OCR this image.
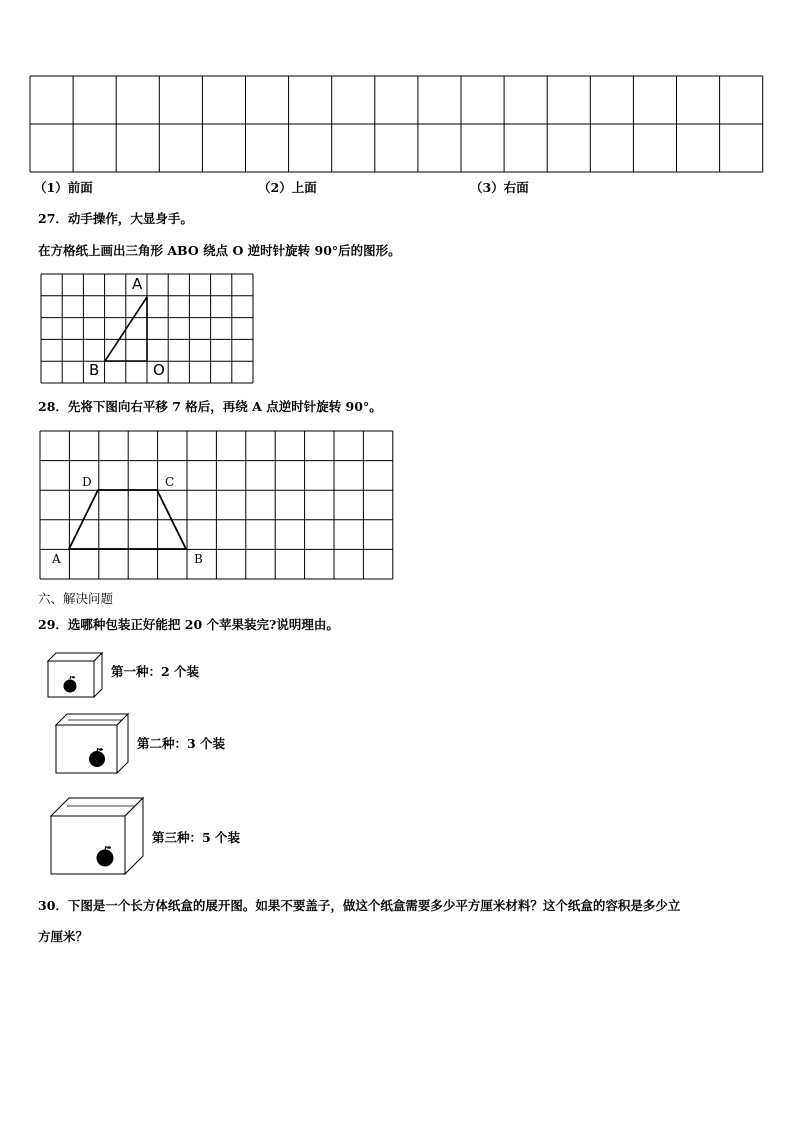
（1）前面	（2）上面	（3）右面
27．动手操作，大显身手。
在方格纸上画出三角形 ABO 绕点 O 逆时针旋转 90°后的图形。
A
B	O
28．先将下图向右平移 7 格后，再绕 A 点逆时针旋转 90°。
A	B
C
D
六、解决问题
29．选哪种包装正好能把 20 个苹果装完?说明理由。
第一种：2 个装
第二种：3 个装
第三种：5 个装
30．下图是一个长方体纸盒的展开图。如果不要盖子，做这个纸盒需要多少平方厘米材料？这个纸盒的容积是多少立
方厘米？
